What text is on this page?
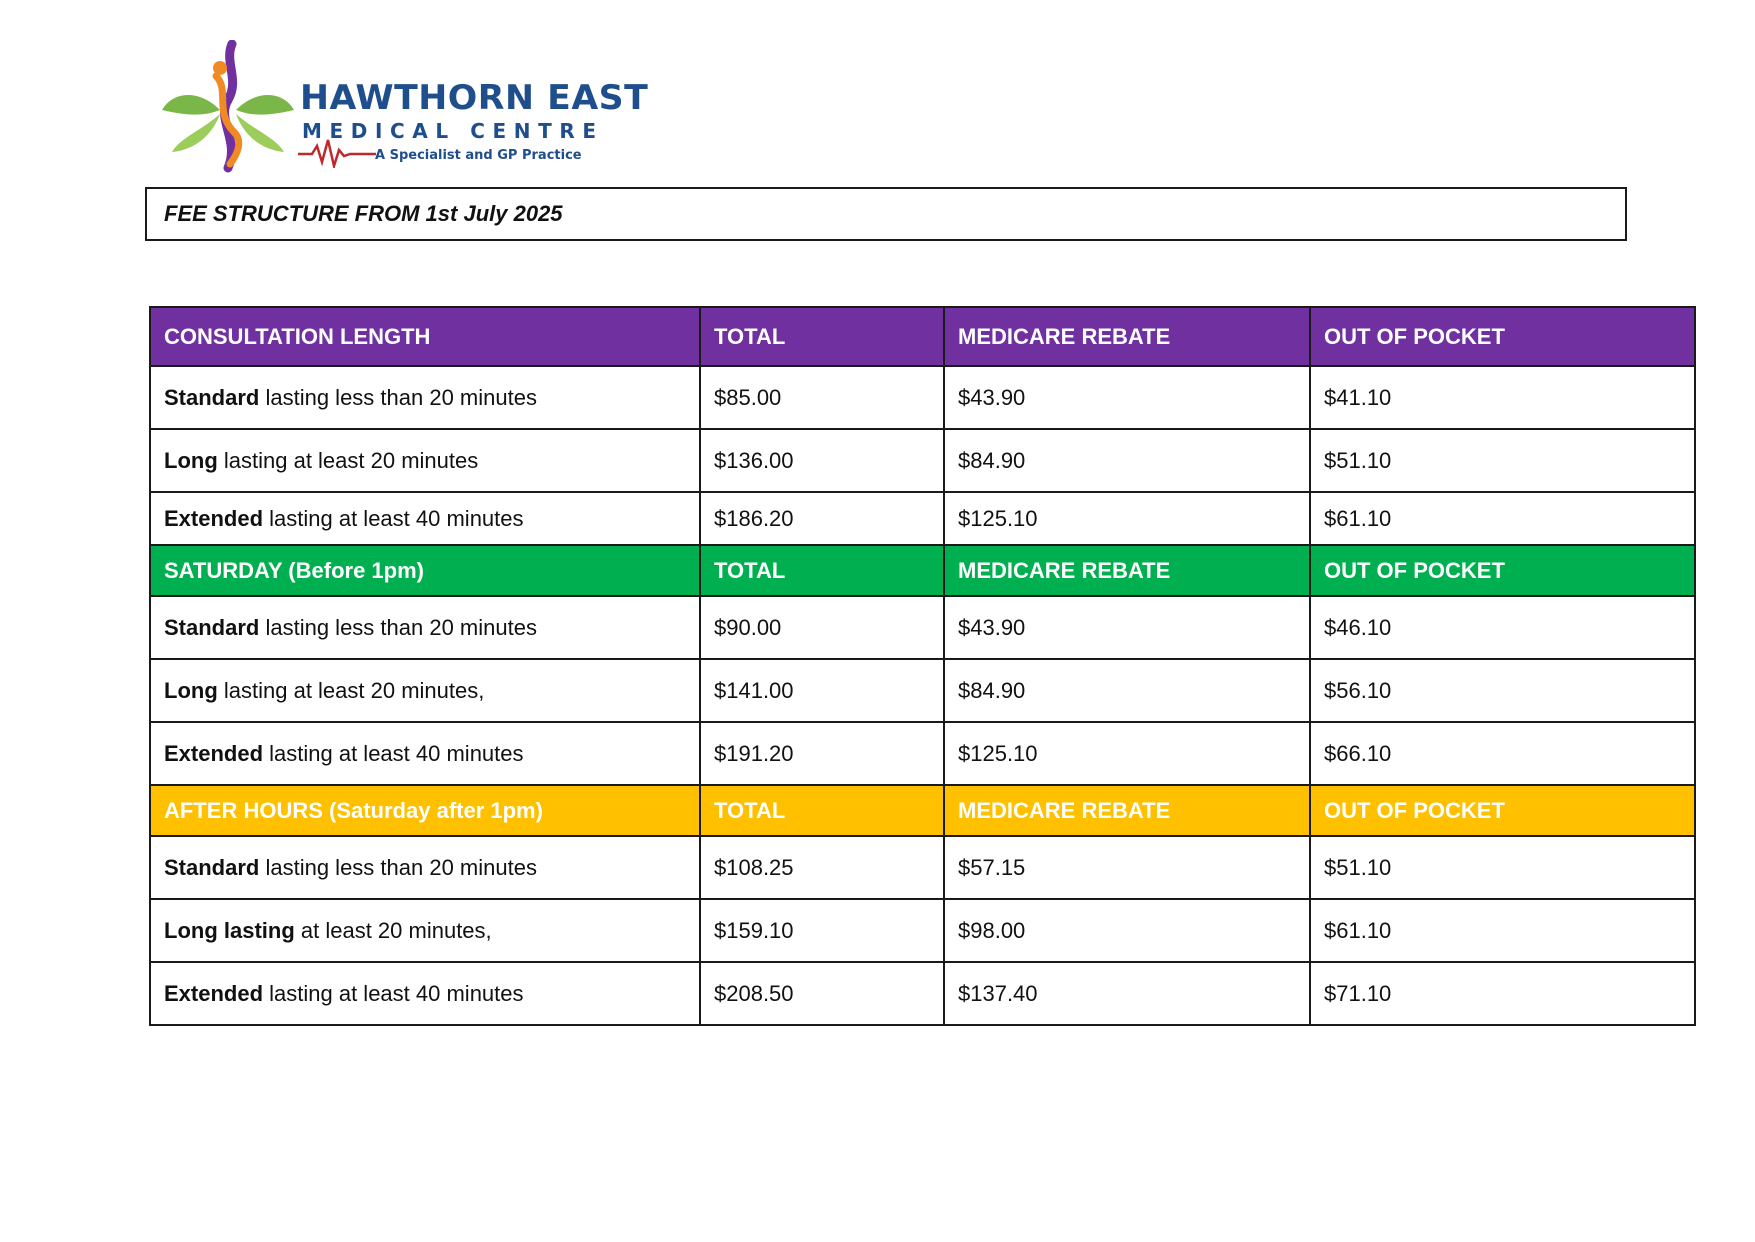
HAWTHORN EAST
MEDICAL CENTRE
A Specialist and GP Practice
FEE STRUCTURE FROM 1st July 2025
CONSULTATION LENGTH	TOTAL	MEDICARE REBATE	OUT OF POCKET
Standard lasting less than 20 minutes	$85.00	$43.90	$41.10
Long lasting at least 20 minutes	$136.00	$84.90	$51.10
Extended lasting at least 40 minutes	$186.20	$125.10	$61.10
SATURDAY (Before 1pm)	TOTAL	MEDICARE REBATE	OUT OF POCKET
Standard lasting less than 20 minutes	$90.00	$43.90	$46.10
Long lasting at least 20 minutes,	$141.00	$84.90	$56.10
Extended lasting at least 40 minutes	$191.20	$125.10	$66.10
AFTER HOURS (Saturday after 1pm)	TOTAL	MEDICARE REBATE	OUT OF POCKET
Standard lasting less than 20 minutes	$108.25	$57.15	$51.10
Long lasting at least 20 minutes,	$159.10	$98.00	$61.10
Extended lasting at least 40 minutes	$208.50	$137.40	$71.10
